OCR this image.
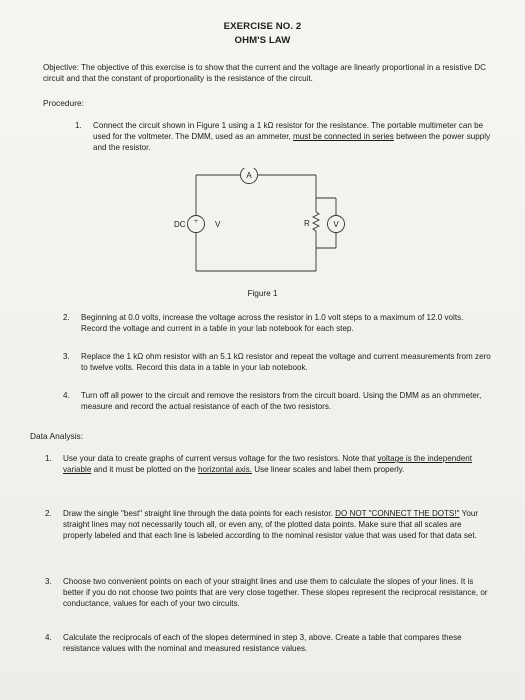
EXERCISE NO. 2
OHM'S LAW
Objective: The objective of this exercise is to show that the current and the voltage are linearly proportional in a resistive DC circuit and that the constant of proportionality is the resistance of the circuit.
Procedure:
1. Connect the circuit shown in Figure 1 using a 1 kΩ resistor for the resistance. The portable multimeter can be used for the voltmeter. The DMM, used as an ammeter, must be connected in series between the power supply and the resistor.
A
+
DC	V	R	V
Figure 1
2. Beginning at 0.0 volts, increase the voltage across the resistor in 1.0 volt steps to a maximum of 12.0 volts. Record the voltage and current in a table in your lab notebook for each step.
3. Replace the 1 kΩ ohm resistor with an 5.1 kΩ resistor and repeat the voltage and current measurements from zero to twelve volts. Record this data in a table in your lab notebook.
4. Turn off all power to the circuit and remove the resistors from the circuit board. Using the DMM as an ohmmeter, measure and record the actual resistance of each of the two resistors.
Data Analysis:
1. Use your data to create graphs of current versus voltage for the two resistors. Note that voltage is the independent variable and it must be plotted on the horizontal axis. Use linear scales and label them properly.
2. Draw the single "best" straight line through the data points for each resistor. DO NOT "CONNECT THE DOTS!" Your straight lines may not necessarily touch all, or even any, of the plotted data points. Make sure that all scales are properly labeled and that each line is labeled according to the nominal resistor value that was used for that data set.
3. Choose two convenient points on each of your straight lines and use them to calculate the slopes of your lines. It is better if you do not choose two points that are very close together. These slopes represent the reciprocal resistance, or conductance, values for each of your two circuits.
4. Calculate the reciprocals of each of the slopes determined in step 3, above. Create a table that compares these resistance values with the nominal and measured resistance values.
